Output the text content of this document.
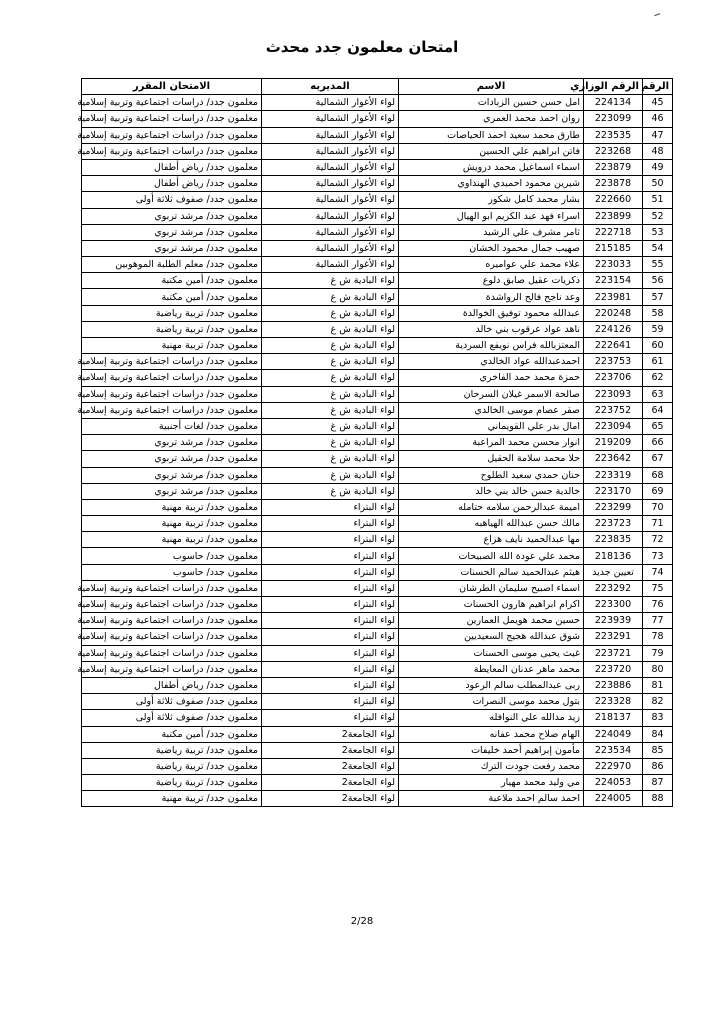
امتحان معلمون جدد محدث
الرقم	الرقم الوزاري	الاسم	المديريه	الامتحان المقرر
45	224134	امل حسن حسين الزبادات	لواء الأغوار الشمالية	معلمون جدد/ دراسات اجتماعية وتربية إسلامية
46	223099	روان احمد محمد العمري	لواء الأغوار الشمالية	معلمون جدد/ دراسات اجتماعية وتربية إسلامية
47	223535	طارق محمد سعيد احمد الحياصات	لواء الأغوار الشمالية	معلمون جدد/ دراسات اجتماعية وتربية إسلامية
48	223268	فاتن ابراهيم علي الحسين	لواء الأغوار الشمالية	معلمون جدد/ دراسات اجتماعية وتربية إسلامية
49	223879	اسماء اسماعيل محمد درويش	لواء الأغوار الشمالية	معلمون جدد/ رياض أطفال
50	223878	شيرين محمود احميدي الهنداوي	لواء الأغوار الشمالية	معلمون جدد/ رياض أطفال
51	222660	بشار محمد كامل شكور	لواء الأغوار الشمالية	معلمون جدد/ صفوف ثلاثة أولى
52	223899	اسراء فهد عبد الكريم ابو الهيال	لواء الأغوار الشمالية	معلمون جدد/ مرشد تربوي
53	222718	ثامر مشرف علي الرشيد	لواء الأغوار الشمالية	معلمون جدد/ مرشد تربوي
54	215185	صهيب جمال محمود الخشان	لواء الأغوار الشمالية	معلمون جدد/ مرشد تربوي
55	223033	علاء محمد علي عواميره	لواء الأغوار الشمالية	معلمون جدد/ معلم الطلبة الموهوبين
56	223154	ذكريات عقيل صابق دلوع	لواء البادية ش غ	معلمون جدد/ أمين مكتبة
57	223981	وعد ناجح فالح الرواشدة	لواء البادية ش غ	معلمون جدد/ أمين مكتبة
58	220248	عبدالله محمود توفيق الخوالدة	لواء البادية ش غ	معلمون جدد/ تربية رياضية
59	224126	ناهد عواد عرقوب بني خالد	لواء البادية ش غ	معلمون جدد/ تربية رياضية
60	222641	المعتزبالله فراس نويفع السردية	لواء البادية ش غ	معلمون جدد/ تربية مهنية
61	223753	احمدعبدالله عواد الخالدي	لواء البادية ش غ	معلمون جدد/ دراسات اجتماعية وتربية إسلامية
62	223706	حمزة محمد حمد الفاخري	لواء البادية ش غ	معلمون جدد/ دراسات اجتماعية وتربية إسلامية
63	223093	صالحة الاسمر غيلان السرحان	لواء البادية ش غ	معلمون جدد/ دراسات اجتماعية وتربية إسلامية
64	223752	صقر عصام موسى الخالدي	لواء البادية ش غ	معلمون جدد/ دراسات اجتماعية وتربية إسلامية
65	223094	امال بدر علي القويماني	لواء البادية ش غ	معلمون جدد/ لغات أجنبية
66	219209	انوار محسن محمد المراعبة	لواء البادية ش غ	معلمون جدد/ مرشد تربوي
67	223642	حلا محمد سلامة الحقيل	لواء البادية ش غ	معلمون جدد/ مرشد تربوي
68	223319	حنان حمدي سعيد الطلوح	لواء البادية ش غ	معلمون جدد/ مرشد تربوي
69	223170	خالدية حسن خالد بني خالد	لواء البادية ش غ	معلمون جدد/ مرشد تربوي
70	223299	اميمة عبدالرحمن سلامه حتامله	لواء البتراء	معلمون جدد/ تربية مهنية
71	223723	مالك حسن عبدالله الهياهبه	لواء البتراء	معلمون جدد/ تربية مهنية
72	223835	مها عبدالحميد نايف هزاع	لواء البتراء	معلمون جدد/ تربية مهنية
73	218136	محمد علي عودة الله الصبيحات	لواء البتراء	معلمون جدد/ حاسوب
74	تعيين جديد	هيثم عبدالحميد سالم الحسنات	لواء البتراء	معلمون جدد/ حاسوب
75	223292	اسماء اصبيح سليمان الطرشان	لواء البتراء	معلمون جدد/ دراسات اجتماعية وتربية إسلامية
76	223300	اكرام ابراهيم هارون الحسنات	لواء البتراء	معلمون جدد/ دراسات اجتماعية وتربية إسلامية
77	223939	حسين محمد هويمل العمارين	لواء البتراء	معلمون جدد/ دراسات اجتماعية وتربية إسلامية
78	223291	شوق عبدالله هجيج السعيديين	لواء البتراء	معلمون جدد/ دراسات اجتماعية وتربية إسلامية
79	223721	غيث يحيى موسى الحسنات	لواء البتراء	معلمون جدد/ دراسات اجتماعية وتربية إسلامية
80	223720	محمد ماهر عدنان المعايطة	لواء البتراء	معلمون جدد/ دراسات اجتماعية وتربية إسلامية
81	223886	ربى عبدالمطلب سالم الرعود	لواء البتراء	معلمون جدد/ رياض أطفال
82	223328	بتول محمد موسى النصرات	لواء البتراء	معلمون جدد/ صفوف ثلاثة أولى
83	218137	زيد مدالله علي النوافله	لواء البتراء	معلمون جدد/ صفوف ثلاثة أولى
84	224049	الهام صلاح محمد عفانه	لواء الجامعة2	معلمون جدد/ أمين مكتبة
85	223534	مأمون إبراهيم أحمد خليفات	لواء الجامعة2	معلمون جدد/ تربية رياضية
86	222970	محمد رفعت جودت الترك	لواء الجامعة2	معلمون جدد/ تربية رياضية
87	224053	مي وليد محمد مهيار	لواء الجامعة2	معلمون جدد/ تربية رياضية
88	224005	احمد سالم احمد ملاعبة	لواء الجامعة2	معلمون جدد/ تربية مهنية
2/28
